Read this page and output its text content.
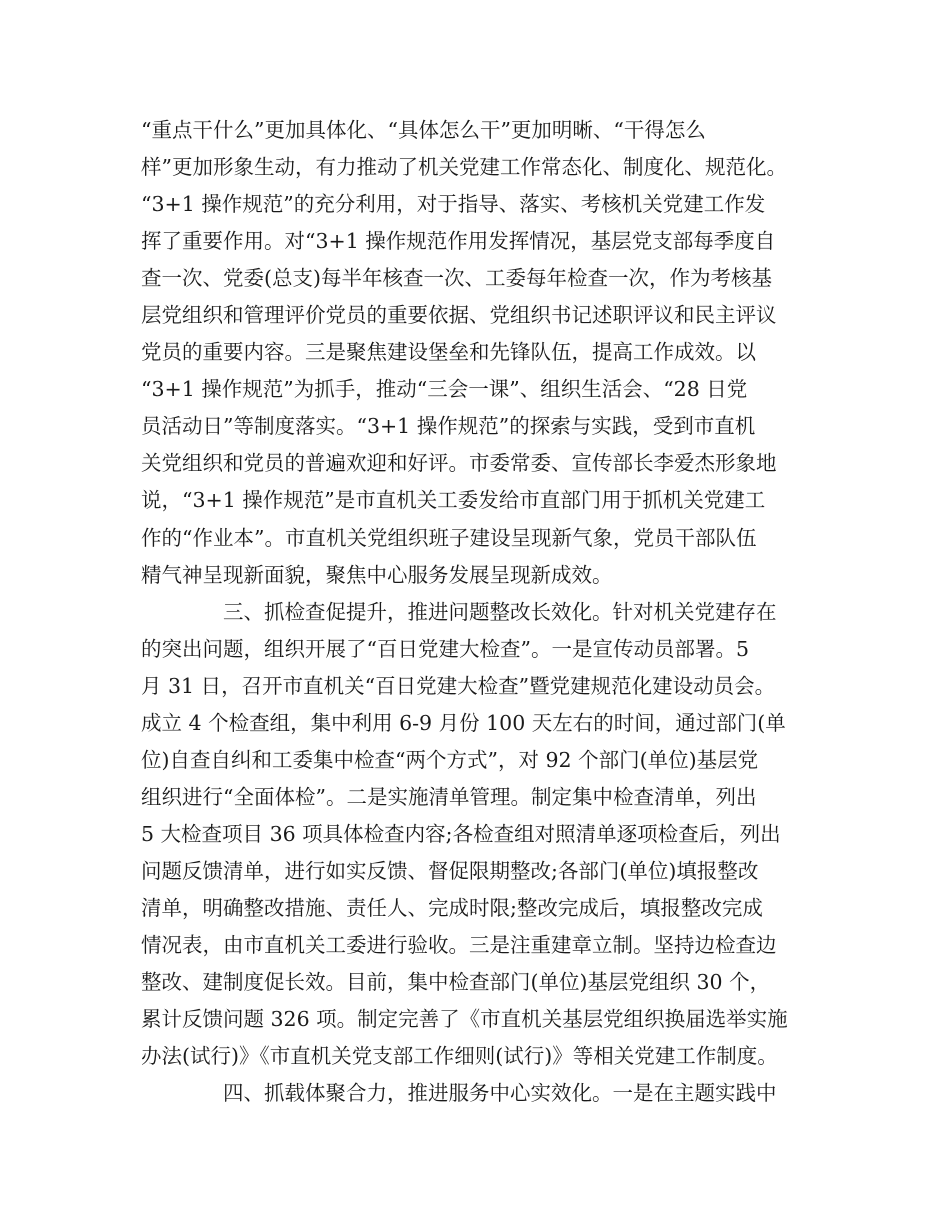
“重点干什么”更加具体化、“具体怎么干”更加明晰、“干得怎么
样”更加形象生动，有力推动了机关党建工作常态化、制度化、规范化。
“3+1 操作规范”的充分利用，对于指导、落实、考核机关党建工作发
挥了重要作用。对“3+1 操作规范作用发挥情况，基层党支部每季度自
查一次、党委(总支)每半年核查一次、工委每年检查一次，作为考核基
层党组织和管理评价党员的重要依据、党组织书记述职评议和民主评议
党员的重要内容。三是聚焦建设堡垒和先锋队伍，提高工作成效。以
“3+1 操作规范”为抓手，推动“三会一课”、组织生活会、“28 日党
员活动日”等制度落实。“3+1 操作规范”的探索与实践，受到市直机
关党组织和党员的普遍欢迎和好评。市委常委、宣传部长李爱杰形象地
说，“3+1 操作规范”是市直机关工委发给市直部门用于抓机关党建工
作的“作业本”。市直机关党组织班子建设呈现新气象，党员干部队伍
精气神呈现新面貌，聚焦中心服务发展呈现新成效。
三、抓检查促提升，推进问题整改长效化。针对机关党建存在
的突出问题，组织开展了“百日党建大检查”。一是宣传动员部署。5
月 31 日，召开市直机关“百日党建大检查”暨党建规范化建设动员会。
成立 4 个检查组，集中利用 6-9 月份 100 天左右的时间，通过部门(单
位)自查自纠和工委集中检查“两个方式”，对 92 个部门(单位)基层党
组织进行“全面体检”。二是实施清单管理。制定集中检查清单，列出
5 大检查项目 36 项具体检查内容;各检查组对照清单逐项检查后，列出
问题反馈清单，进行如实反馈、督促限期整改;各部门(单位)填报整改
清单，明确整改措施、责任人、完成时限;整改完成后，填报整改完成
情况表，由市直机关工委进行验收。三是注重建章立制。坚持边检查边
整改、建制度促长效。目前，集中检查部门(单位)基层党组织 30 个，
累计反馈问题 326 项。制定完善了《市直机关基层党组织换届选举实施
办法(试行)》《市直机关党支部工作细则(试行)》等相关党建工作制度。
四、抓载体聚合力，推进服务中心实效化。一是在主题实践中
